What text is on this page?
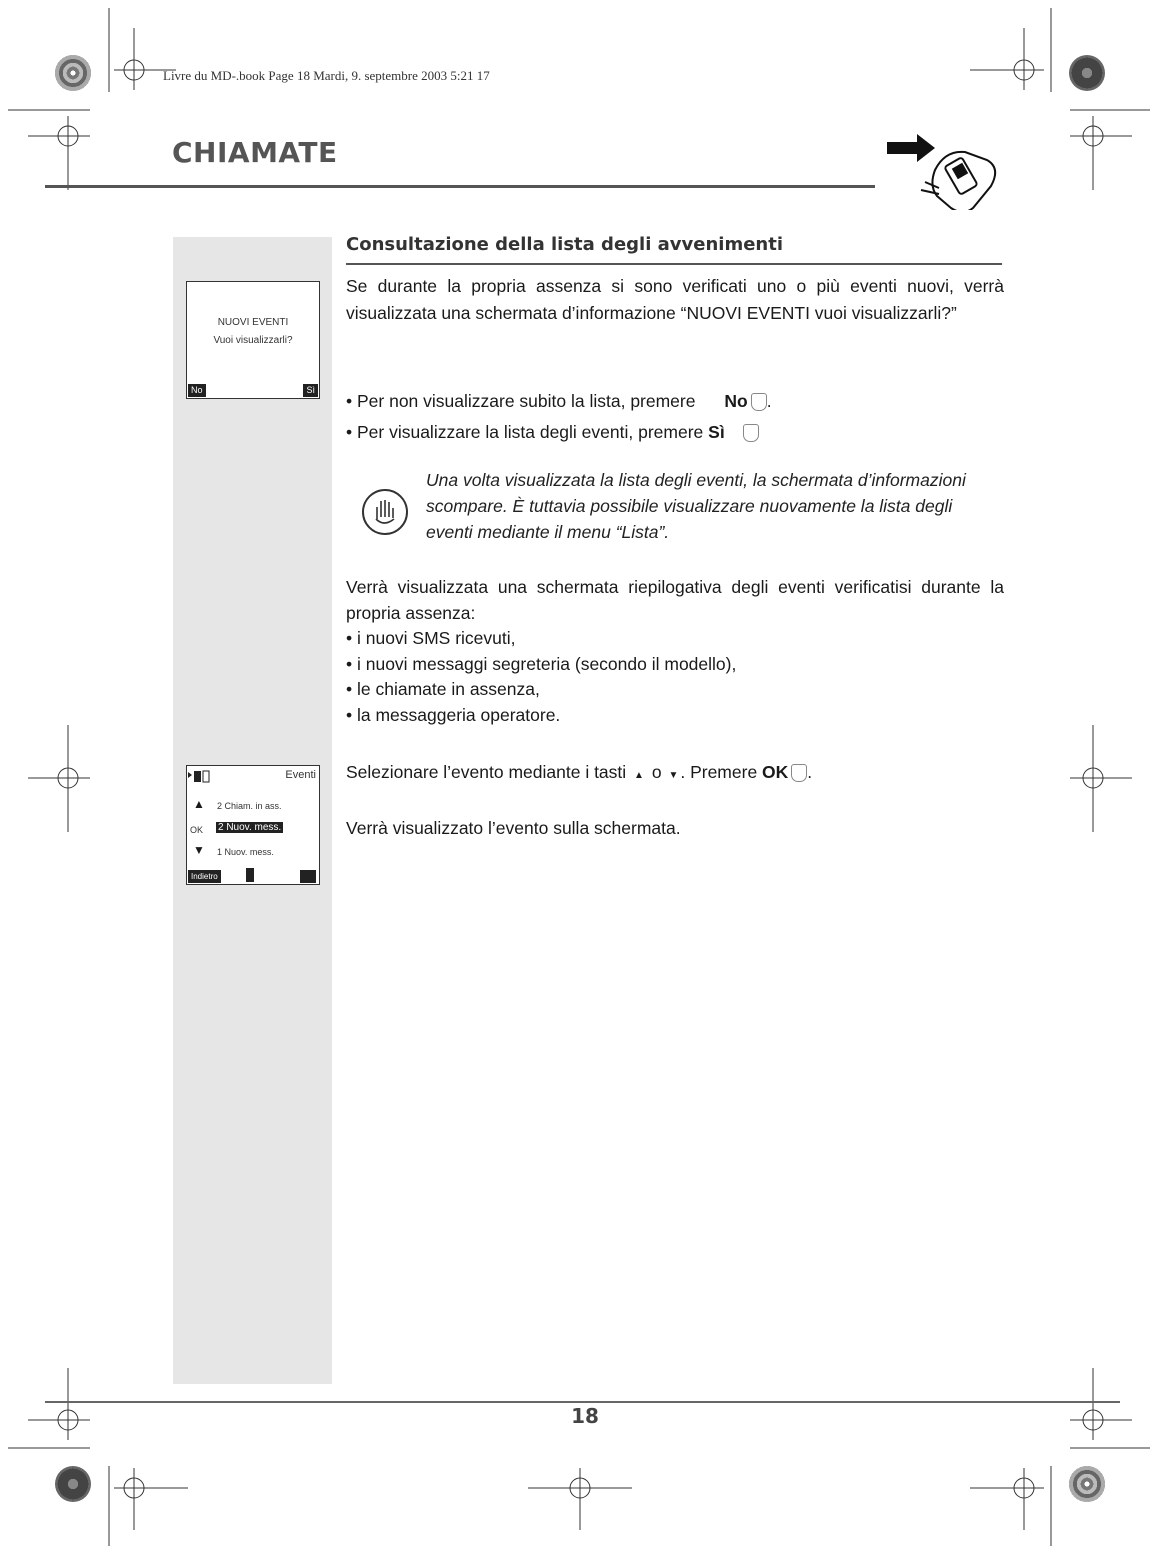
Livre du MD-.book Page 18 Mardi, 9. septembre 2003 5:21 17
CHIAMATE
NUOVI EVENTI
Vuoi visualizzarli?
No	Sì
Eventi
▲ 2 Chiam. in ass.
OK 2 Nuov. mess.
▼ 1 Nuov. mess.
Indietro
Consultazione della lista degli avvenimenti
Se durante la propria assenza si sono verificati uno o più eventi nuovi, verrà visualizzata una schermata d’informazione “NUOVI EVENTI vuoi visualizzarli?”
• Per non visualizzare subito la lista, premere No .
• Per visualizzare la lista degli eventi, premere Sì
Una volta visualizzata la lista degli eventi, la schermata d’informazioni scompare. È tuttavia possibile visualizzare nuovamente la lista degli eventi mediante il menu “Lista”.
Verrà visualizzata una schermata riepilogativa degli eventi verificatisi durante la propria assenza:
• i nuovi SMS ricevuti,
• i nuovi messaggi segreteria (secondo il modello),
• le chiamate in assenza,
• la messaggeria operatore.
Selezionare l’evento mediante i tasti ▲ o ▼ . Premere OK .
Verrà visualizzato l’evento sulla schermata.
18
